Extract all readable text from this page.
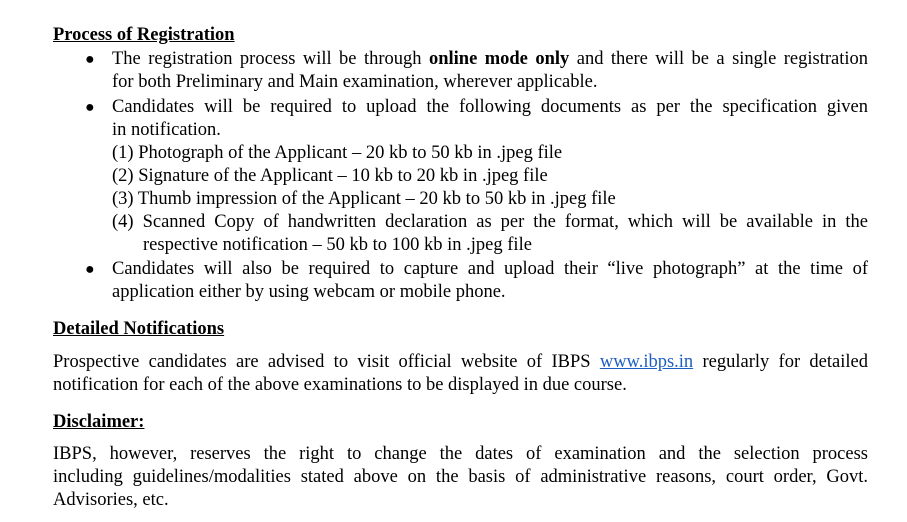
Process of Registration
● The registration process will be through online mode only and there will be a single registration
for both Preliminary and Main examination, wherever applicable.
● Candidates will be required to upload the following documents as per the specification given
in notification.
(1) Photograph of the Applicant – 20 kb to 50 kb in .jpeg file
(2) Signature of the Applicant – 10 kb to 20 kb in .jpeg file
(3) Thumb impression of the Applicant – 20 kb to 50 kb in .jpeg file
(4) Scanned Copy of handwritten declaration as per the format, which will be available in the
respective notification – 50 kb to 100 kb in .jpeg file
● Candidates will also be required to capture and upload their “live photograph” at the time of
application either by using webcam or mobile phone.
Detailed Notifications
Prospective candidates are advised to visit official website of IBPS www.ibps.in regularly for detailed
notification for each of the above examinations to be displayed in due course.
Disclaimer:
IBPS, however, reserves the right to change the dates of examination and the selection process
including guidelines/modalities stated above on the basis of administrative reasons, court order, Govt.
Advisories, etc.
